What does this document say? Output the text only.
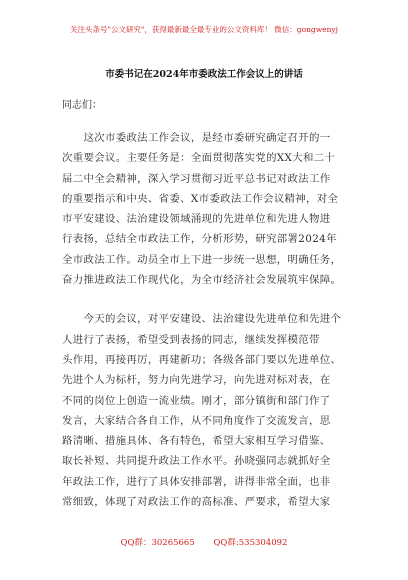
关注头条号"公文研究"，获得最新最全最专业的公文资料库！ 微信：gongwenyj
市委书记在2024年市委政法工作会议上的讲话
同志们：
　　这次市委政法工作会议，是经市委研究确定召开的一
次重要会议。主要任务是：全面贯彻落实党的XX大和二十
届二中全会精神，深入学习贯彻习近平总书记对政法工作
的重要指示和中央、省委、X市委政法工作会议精神，对全
市平安建设、法治建设领域涌现的先进单位和先进人物进
行表扬，总结全市政法工作，分析形势，研究部署2024年
全市政法工作。动员全市上下进一步统一思想，明确任务，
奋力推进政法工作现代化，为全市经济社会发展筑牢保障。
　　今天的会议，对平安建设、法治建设先进单位和先进个
人进行了表扬，希望受到表扬的同志，继续发挥模范带
头作用，再接再厉，再建新功；各级各部门要以先进单位、
先进个人为标杆，努力向先进学习，向先进对标对表，在
不同的岗位上创造一流业绩。刚才，部分镇街和部门作了
发言，大家结合各自工作，从不同角度作了交流发言，思
路清晰、措施具体、各有特色，希望大家相互学习借鉴、
取长补短、共同提升政法工作水平。孙晓强同志就抓好全
年政法工作，进行了具体安排部署，讲得非常全面，也非
常细致，体现了对政法工作的高标准、严要求，希望大家
QQ群：30265665 QQ群:535304092
